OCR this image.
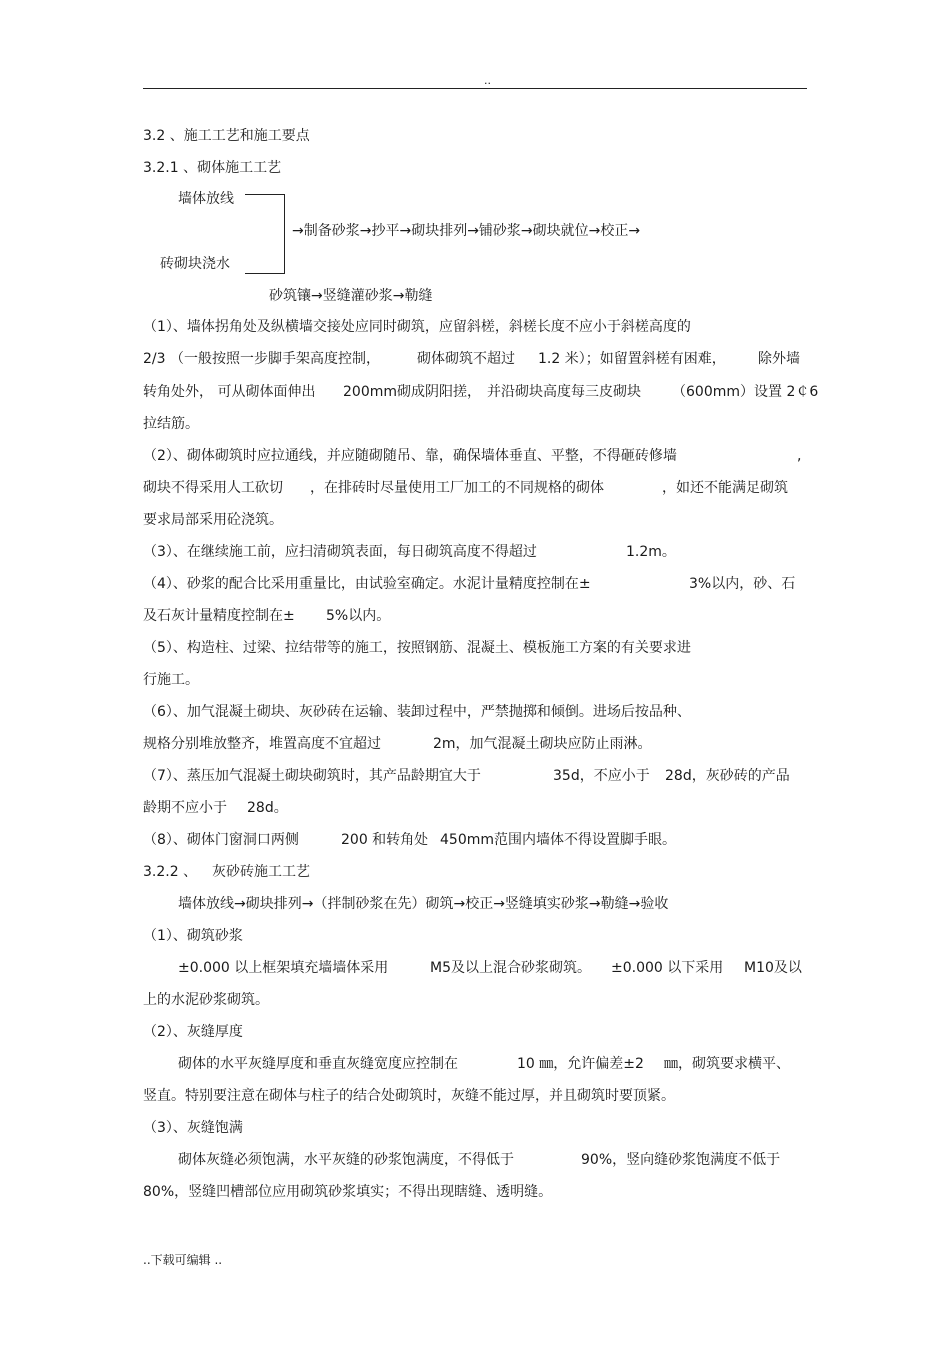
..
3.2 、施工工艺和施工要点
3.2.1 、砌体施工工艺
墙体放线
→制备砂浆→抄平→砌块排列→铺砂浆→砌块就位→校正→
砖砌块浇水
砂筑镶→竖缝灌砂浆→勒缝
（1）、墙体拐角处及纵横墙交接处应同时砌筑，应留斜槎，斜槎长度不应小于斜槎高度的
2/3 （一般按照一步脚手架高度控制，	砌体砌筑不超过 1.2 米）；如留置斜槎有困难， 除外墙
转角处外， 可从砌体面伸出 200mm砌成阴阳搓， 并沿砌块高度每三皮砌块 （600mm）设置 2￠6
拉结筋。
（2）、砌体砌筑时应拉通线，并应随砌随吊、靠，确保墙体垂直、平整，不得砸砖修墙	,
砌块不得采用人工砍切 ，在排砖时尽量使用工厂加工的不同规格的砌体	，如还不能满足砌筑
要求局部采用砼浇筑。
（3）、在继续施工前，应扫清砌筑表面，每日砌筑高度不得超过	1.2m。
（4）、砂浆的配合比采用重量比，由试验室确定。水泥计量精度控制在±	3%以内，砂、石
及石灰计量精度控制在± 5%以内。
（5）、构造柱、过梁、拉结带等的施工，按照钢筋、混凝土、模板施工方案的有关要求进
行施工。
（6）、加气混凝土砌块、灰砂砖在运输、装卸过程中，严禁抛掷和倾倒。进场后按品种、
规格分别堆放整齐，堆置高度不宜超过	2m，加气混凝土砌块应防止雨淋。
（7）、蒸压加气混凝土砌块砌筑时，其产品龄期宜大于	35d，不应小于 28d，灰砂砖的产品
龄期不应小于 28d。
（8）、砌体门窗洞口两侧	200 和转角处 450mm范围内墙体不得设置脚手眼。
3.2.2 、 灰砂砖施工工艺
墙体放线→砌块排列→（拌制砂浆在先）砌筑→校正→竖缝填实砂浆→勒缝→验收
（1）、砌筑砂浆
±0.000 以上框架填充墙墙体采用	M5及以上混合砂浆砌筑。 ±0.000 以下采用 M10及以
上的水泥砂浆砌筑。
（2）、灰缝厚度
砌体的水平灰缝厚度和垂直灰缝宽度应控制在	10 ㎜，允许偏差±2 ㎜，砌筑要求横平、
竖直。特别要注意在砌体与柱子的结合处砌筑时，灰缝不能过厚，并且砌筑时要顶紧。
（3）、灰缝饱满
砌体灰缝必须饱满，水平灰缝的砂浆饱满度，不得低于	90%，竖向缝砂浆饱满度不低于
80%，竖缝凹槽部位应用砌筑砂浆填实；不得出现瞎缝、透明缝。
..下载可编辑 ..
